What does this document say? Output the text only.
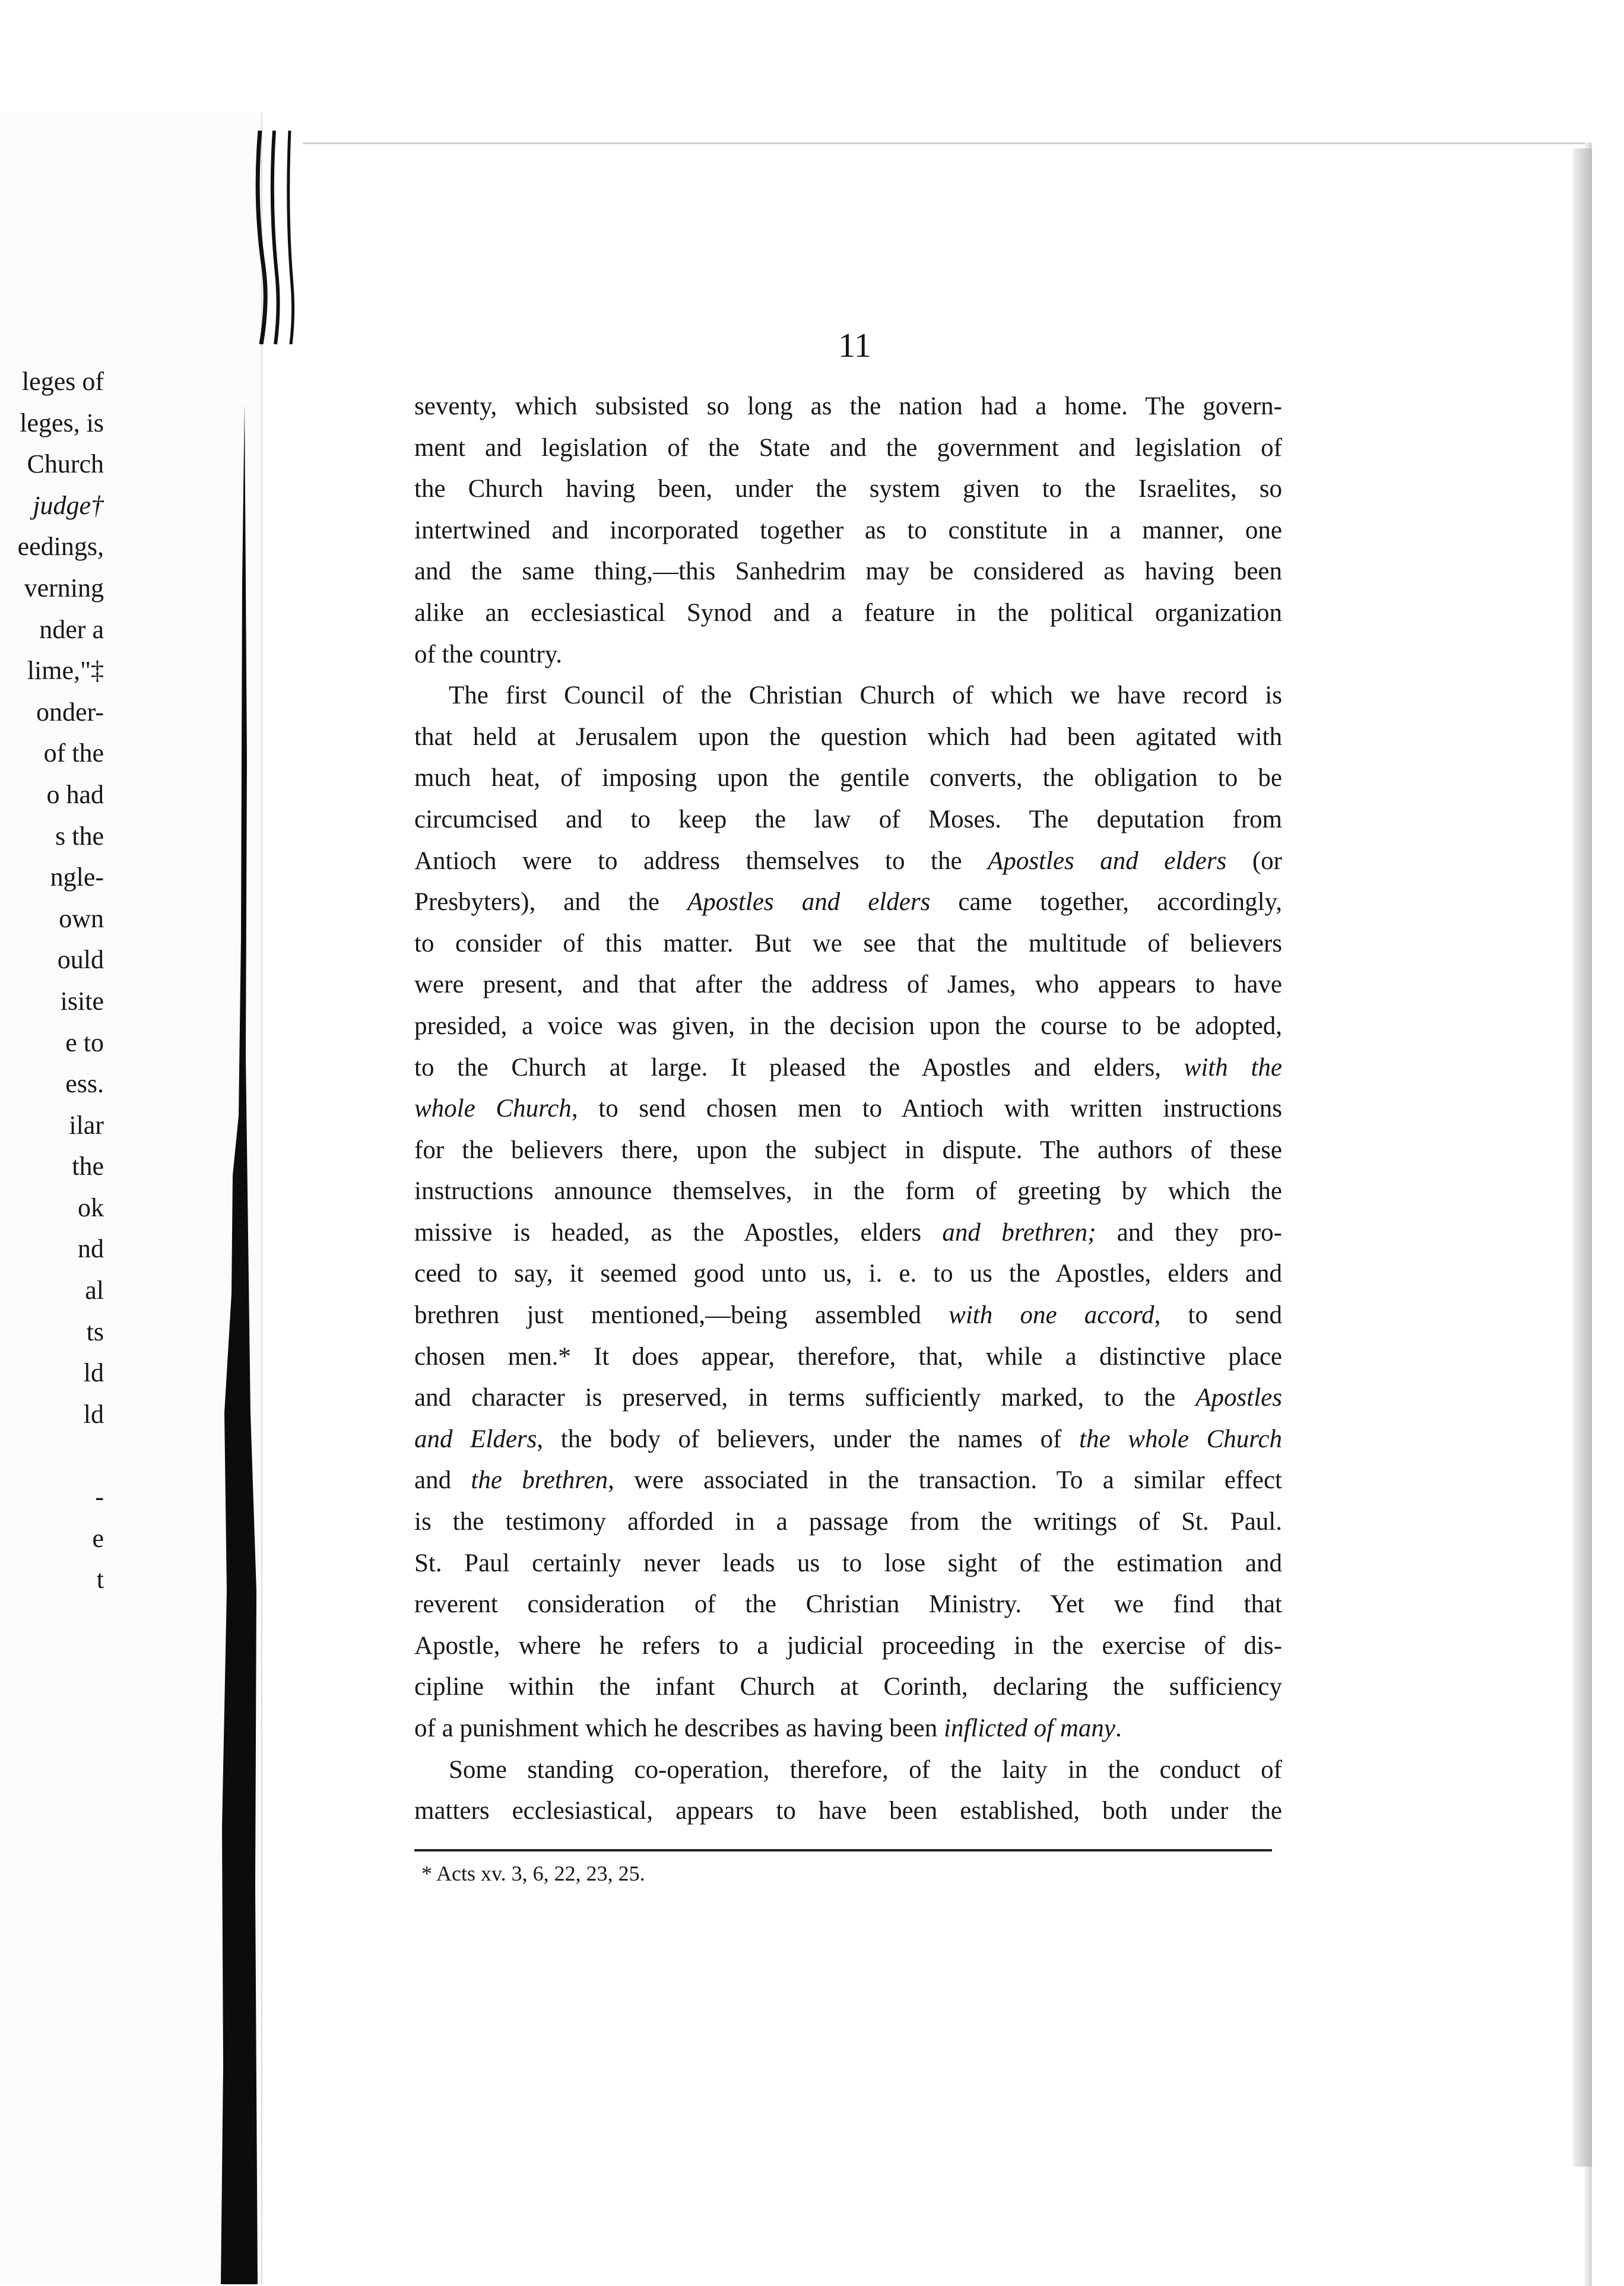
leges of
leges, is
Church
judge†
eedings,
verning
nder a
lime,"‡
onder-
of the
o had
s the
ngle-
own
ould
isite
e to
ess.
ilar
the
ok
nd
al
ts
ld
ld
-
e
t
11
seventy, which subsisted so long as the nation had a home. The govern-
ment and legislation of the State and the government and legislation of
the Church having been, under the system given to the Israelites, so
intertwined and incorporated together as to constitute in a manner, one
and the same thing,—this Sanhedrim may be considered as having been
alike an ecclesiastical Synod and a feature in the political organization
of the country.
The first Council of the Christian Church of which we have record is
that held at Jerusalem upon the question which had been agitated with
much heat, of imposing upon the gentile converts, the obligation to be
circumcised and to keep the law of Moses. The deputation from
Antioch were to address themselves to the Apostles and elders (or
Presbyters), and the Apostles and elders came together, accordingly,
to consider of this matter. But we see that the multitude of believers
were present, and that after the address of James, who appears to have
presided, a voice was given, in the decision upon the course to be adopted,
to the Church at large. It pleased the Apostles and elders, with the
whole Church, to send chosen men to Antioch with written instructions
for the believers there, upon the subject in dispute. The authors of these
instructions announce themselves, in the form of greeting by which the
missive is headed, as the Apostles, elders and brethren; and they pro-
ceed to say, it seemed good unto us, i. e. to us the Apostles, elders and
brethren just mentioned,—being assembled with one accord, to send
chosen men.* It does appear, therefore, that, while a distinctive place
and character is preserved, in terms sufficiently marked, to the Apostles
and Elders, the body of believers, under the names of the whole Church
and the brethren, were associated in the transaction. To a similar effect
is the testimony afforded in a passage from the writings of St. Paul.
St. Paul certainly never leads us to lose sight of the estimation and
reverent consideration of the Christian Ministry. Yet we find that
Apostle, where he refers to a judicial proceeding in the exercise of dis-
cipline within the infant Church at Corinth, declaring the sufficiency
of a punishment which he describes as having been inflicted of many.
Some standing co-operation, therefore, of the laity in the conduct of
matters ecclesiastical, appears to have been established, both under the
* Acts xv. 3, 6, 22, 23, 25.
